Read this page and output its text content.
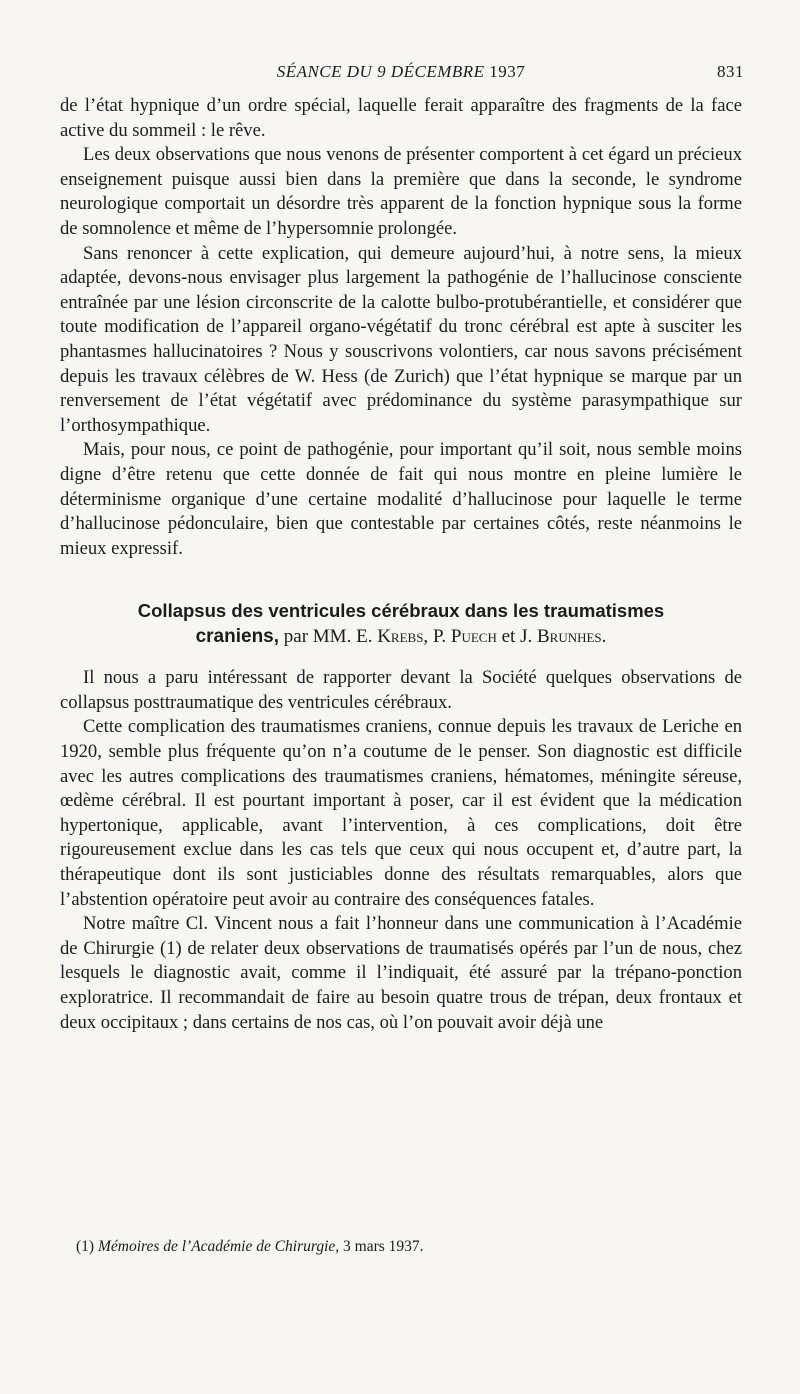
SÉANCE DU 9 DÉCEMBRE 1937	831

de l’état hypnique d’un ordre spécial, laquelle ferait apparaître des fragments de la face active du sommeil : le rêve.

Les deux observations que nous venons de présenter comportent à cet égard un précieux enseignement puisque aussi bien dans la première que dans la seconde, le syndrome neurologique comportait un désordre très apparent de la fonction hypnique sous la forme de somnolence et même de l’hypersomnie prolongée.

Sans renoncer à cette explication, qui demeure aujourd’hui, à notre sens, la mieux adaptée, devons-nous envisager plus largement la pathogénie de l’hallucinose consciente entraînée par une lésion circonscrite de la calotte bulbo-protubérantielle, et considérer que toute modification de l’appareil organo-végétatif du tronc cérébral est apte à susciter les phantasmes hallucinatoires ? Nous y souscrivons volontiers, car nous savons précisément depuis les travaux célèbres de W. Hess (de Zurich) que l’état hypnique se marque par un renversement de l’état végétatif avec prédominance du système parasympathique sur l’orthosympathique.

Mais, pour nous, ce point de pathogénie, pour important qu’il soit, nous semble moins digne d’être retenu que cette donnée de fait qui nous montre en pleine lumière le déterminisme organique d’une certaine modalité d’hallucinose pour laquelle le terme d’hallucinose pédonculaire, bien que contestable par certaines côtés, reste néanmoins le mieux expressif.

Collapsus des ventricules cérébraux dans les traumatismes
craniens, par MM. E. Krebs, P. Puech et J. Brunhes.

Il nous a paru intéressant de rapporter devant la Société quelques observations de collapsus posttraumatique des ventricules cérébraux.

Cette complication des traumatismes craniens, connue depuis les travaux de Leriche en 1920, semble plus fréquente qu’on n’a coutume de le penser. Son diagnostic est difficile avec les autres complications des traumatismes craniens, hématomes, méningite séreuse, œdème cérébral. Il est pourtant important à poser, car il est évident que la médication hypertonique, applicable, avant l’intervention, à ces complications, doit être rigoureusement exclue dans les cas tels que ceux qui nous occupent et, d’autre part, la thérapeutique dont ils sont justiciables donne des résultats remarquables, alors que l’abstention opératoire peut avoir au contraire des conséquences fatales.

Notre maître Cl. Vincent nous a fait l’honneur dans une communication à l’Académie de Chirurgie (1) de relater deux observations de traumatisés opérés par l’un de nous, chez lesquels le diagnostic avait, comme il l’indiquait, été assuré par la trépano-ponction exploratrice. Il recommandait de faire au besoin quatre trous de trépan, deux frontaux et deux occipitaux ; dans certains de nos cas, où l’on pouvait avoir déjà une

(1) Mémoires de l’Académie de Chirurgie, 3 mars 1937.
